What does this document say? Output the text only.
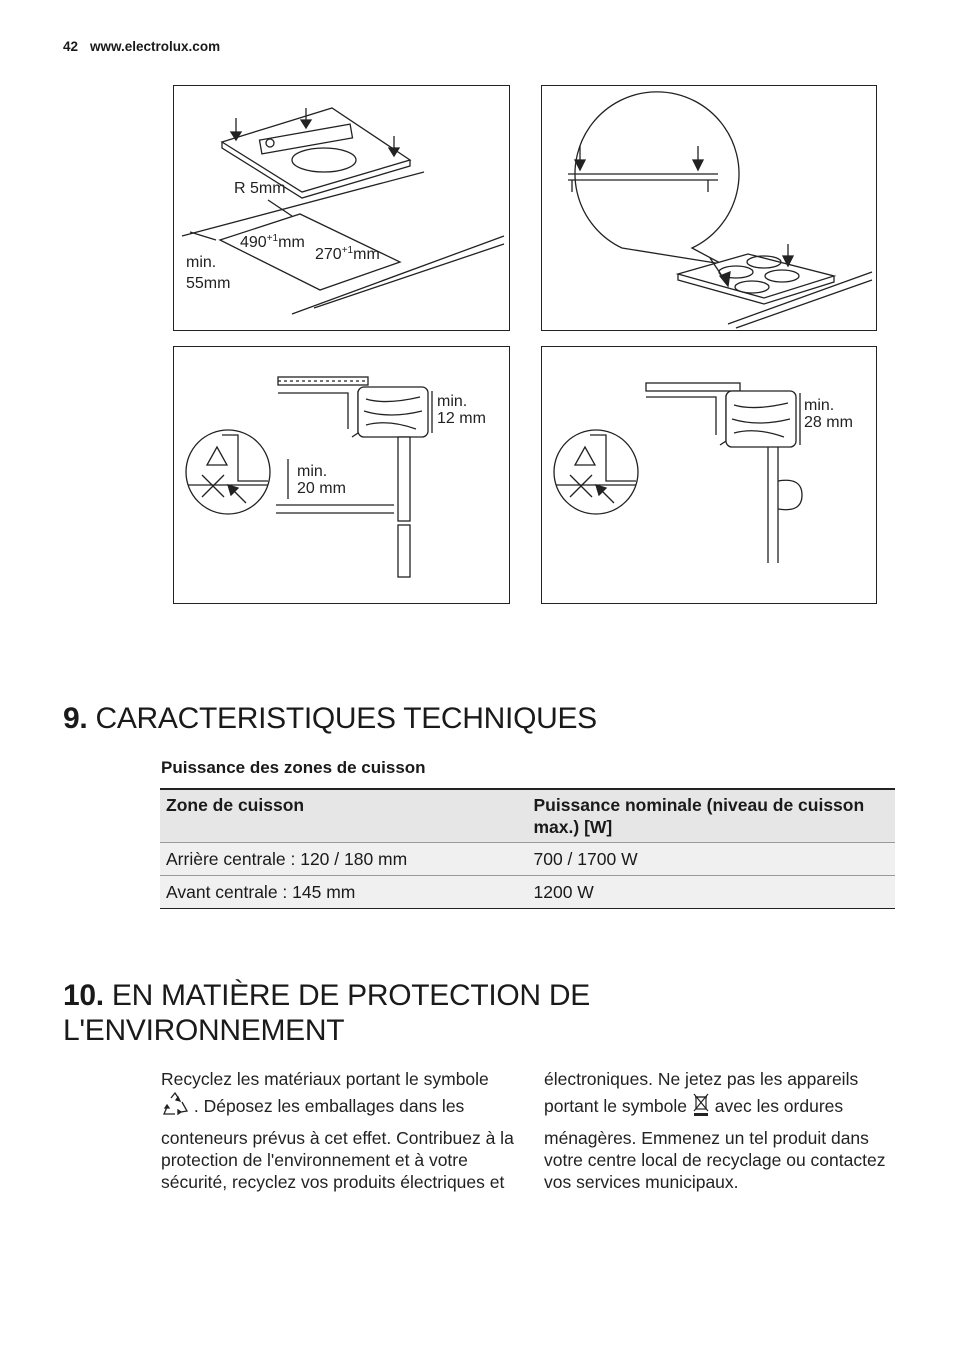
42 www.electrolux.com
R 5mm
$490^{+1}mm$
$270^{+1}mm$
min.
55mm
min.
12 mm
min.
20 mm
min.
28 mm
9. CARACTERISTIQUES TECHNIQUES
Puissance des zones de cuisson
Zone de cuisson	Puissance nominale (niveau de cuisson max.) [W]
Arrière centrale : 120 / 180 mm	700 / 1700 W
Avant centrale : 145 mm	1200 W
10. EN MATIÈRE DE PROTECTION DE
L'ENVIRONNEMENT

Recyclez les matériaux portant le symbole

. Déposez les emballages dans les

conteneurs prévus à cet effet. Contribuez à la protection de l'environnement et à votre sécurité, recyclez vos produits électriques et

électroniques. Ne jetez pas les appareils

portant le symbole avec les ordures

ménagères. Emmenez un tel produit dans votre centre local de recyclage ou contactez vos services municipaux.
